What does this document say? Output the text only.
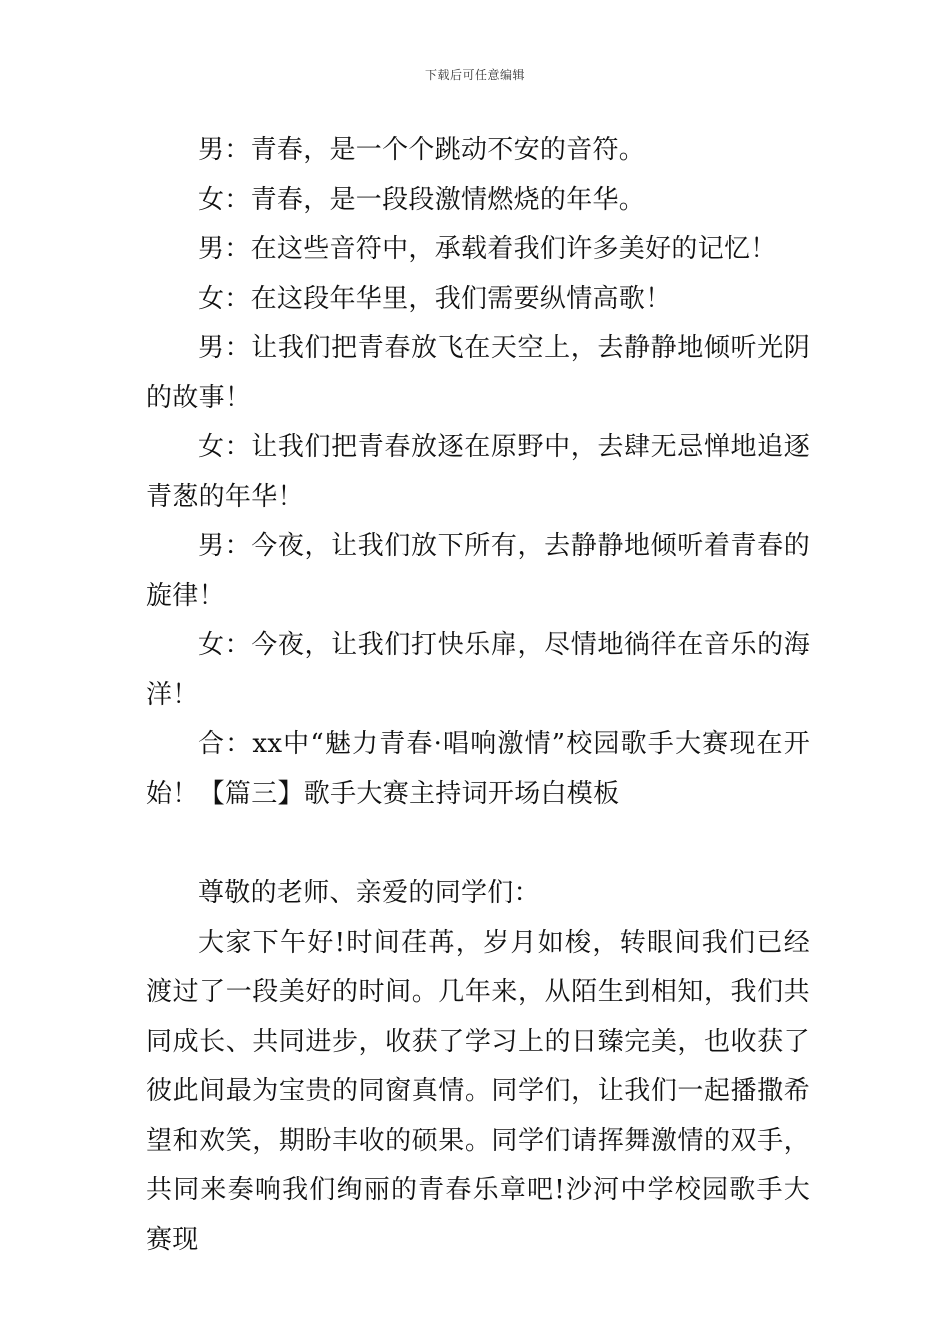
下载后可任意编辑

男：青春，是一个个跳动不安的音符。

女：青春，是一段段激情燃烧的年华。

男：在这些音符中，承载着我们许多美好的记忆！

女：在这段年华里，我们需要纵情高歌！

男：让我们把青春放飞在天空上，去静静地倾听光阴的故事！

女：让我们把青春放逐在原野中，去肆无忌惮地追逐青葱的年华！

男：今夜，让我们放下所有，去静静地倾听着青春的旋律！

女：今夜，让我们打快乐扉，尽情地徜徉在音乐的海洋！

合：xx中“魅力青春·唱响激情”校园歌手大赛现在开始！【篇三】歌手大赛主持词开场白模板

尊敬的老师、亲爱的同学们：

大家下午好!时间荏苒，岁月如梭，转眼间我们已经渡过了一段美好的时间。几年来，从陌生到相知，我们共同成长、共同进步，收获了学习上的日臻完美，也收获了彼此间最为宝贵的同窗真情。同学们，让我们一起播撒希望和欢笑，期盼丰收的硕果。同学们请挥舞激情的双手，共同来奏响我们绚丽的青春乐章吧!沙河中学校园歌手大赛现
